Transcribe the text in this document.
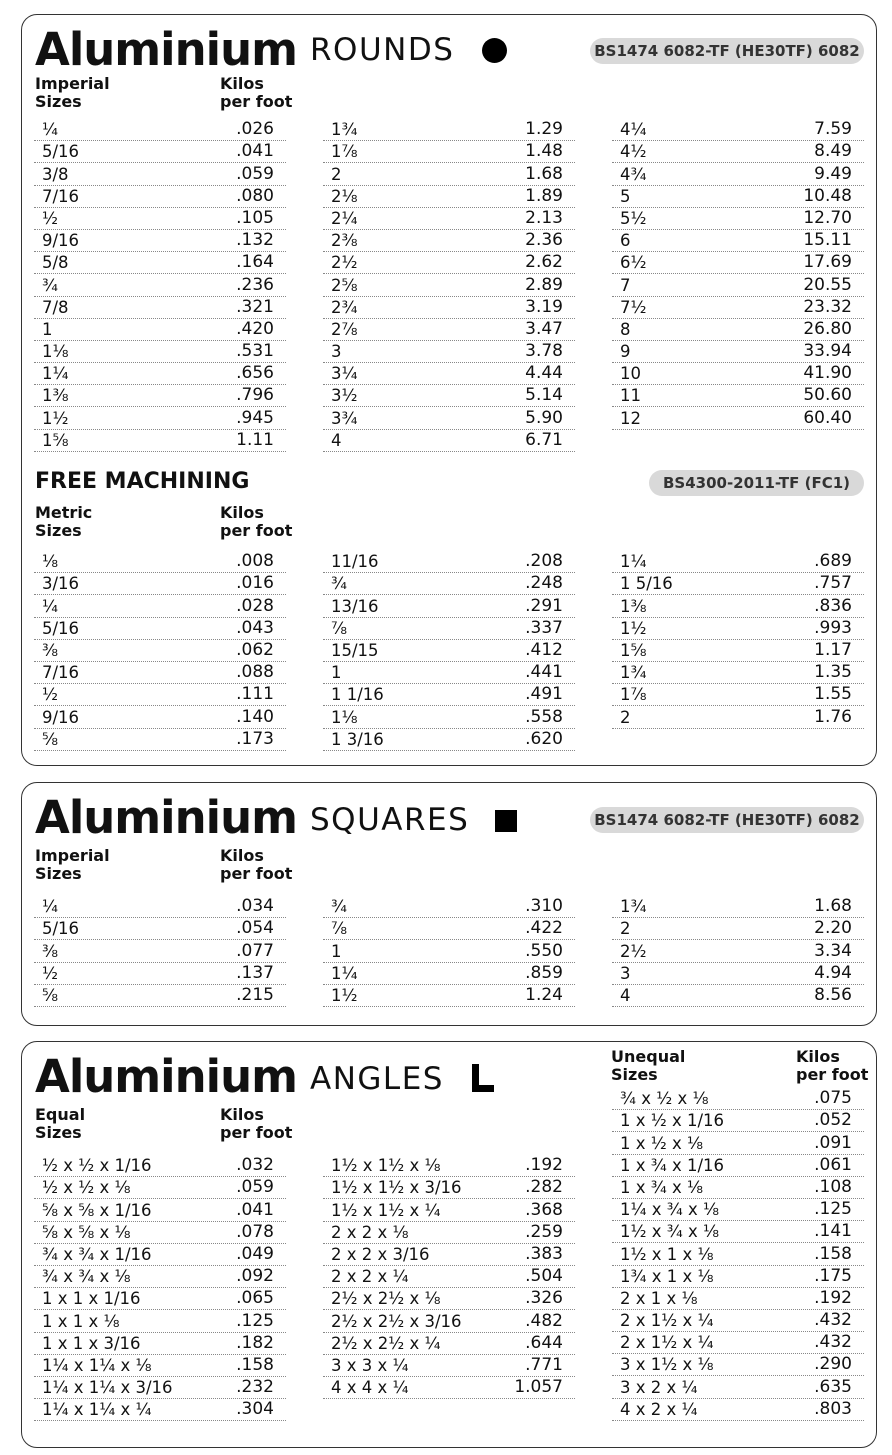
Aluminium ROUNDS	BS1474 6082-TF (HE30TF) 6082
Imperial
Sizes
Kilos
per foot
¼	.026
5/16	.041
3/8	.059
7/16	.080
½	.105
9/16	.132
5/8	.164
¾	.236
7/8	.321
1	.420
1⅛	.531
1¼	.656
1⅜	.796
1½	.945
1⅝	1.11
1¾	1.29
1⅞	1.48
2	1.68
2⅛	1.89
2¼	2.13
2⅜	2.36
2½	2.62
2⅝	2.89
2¾	3.19
2⅞	3.47
3	3.78
3¼	4.44
3½	5.14
3¾	5.90
4	6.71
4¼	7.59
4½	8.49
4¾	9.49
5	10.48
5½	12.70
6	15.11
6½	17.69
7	20.55
7½	23.32
8	26.80
9	33.94
10	41.90
11	50.60
12	60.40
FREE MACHINING	BS4300-2011-TF (FC1)
Metric
Sizes
Kilos
per foot
⅛	.008
3/16	.016
¼	.028
5/16	.043
⅜	.062
7/16	.088
½	.111
9/16	.140
⅝	.173
11/16	.208
¾	.248
13/16	.291
⅞	.337
15/15	.412
1	.441
1 1/16	.491
1⅛	.558
1 3/16	.620
1¼	.689
1 5/16	.757
1⅜	.836
1½	.993
1⅝	1.17
1¾	1.35
1⅞	1.55
2	1.76
Aluminium SQUARES	BS1474 6082-TF (HE30TF) 6082
Imperial
Sizes
Kilos
per foot
¼	.034
5/16	.054
⅜	.077
½	.137
⅝	.215
¾	.310
⅞	.422
1	.550
1¼	.859
1½	1.24
1¾	1.68
2	2.20
2½	3.34
3	4.94
4	8.56
Aluminium ANGLES
Equal
Sizes
Kilos
per foot
Unequal
Sizes
Kilos
per foot
½ x ½ x 1/16	.032
½ x ½ x ⅛	.059
⅝ x ⅝ x 1/16	.041
⅝ x ⅝ x ⅛	.078
¾ x ¾ x 1/16	.049
¾ x ¾ x ⅛	.092
1 x 1 x 1/16	.065
1 x 1 x ⅛	.125
1 x 1 x 3/16	.182
1¼ x 1¼ x ⅛	.158
1¼ x 1¼ x 3/16	.232
1¼ x 1¼ x ¼	.304
1½ x 1½ x ⅛	.192
1½ x 1½ x 3/16	.282
1½ x 1½ x ¼	.368
2 x 2 x ⅛	.259
2 x 2 x 3/16	.383
2 x 2 x ¼	.504
2½ x 2½ x ⅛	.326
2½ x 2½ x 3/16	.482
2½ x 2½ x ¼	.644
3 x 3 x ¼	.771
4 x 4 x ¼	1.057
¾ x ½ x ⅛	.075
1 x ½ x 1/16	.052
1 x ½ x ⅛	.091
1 x ¾ x 1/16	.061
1 x ¾ x ⅛	.108
1¼ x ¾ x ⅛	.125
1½ x ¾ x ⅛	.141
1½ x 1 x ⅛	.158
1¾ x 1 x ⅛	.175
2 x 1 x ⅛	.192
2 x 1½ x ¼	.432
2 x 1½ x ¼	.432
3 x 1½ x ⅛	.290
3 x 2 x ¼	.635
4 x 2 x ¼	.803
